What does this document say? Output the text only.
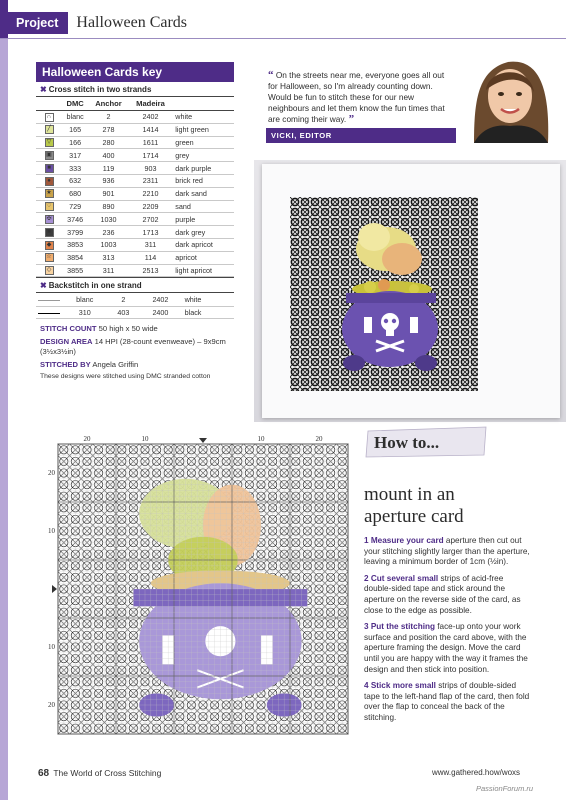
Project	Halloween Cards
Halloween Cards key
✖ Cross stitch in two strands
	DMC	Anchor	Madeira	
∩	blanc	2	2402	white
╱	165	278	1414	light green
▽	166	280	1611	green
▣	317	400	1714	grey
■	333	119	903	dark purple
●	632	936	2311	brick red
★	680	901	2210	dark sand
♡	729	890	2209	sand
✠	3746	1030	2702	purple
■	3799	236	1713	dark grey
◆	3853	1003	311	dark apricot
☆	3854	313	114	apricot
◇	3855	311	2513	light apricot
✖ Backstitch in one strand
	blanc	2	2402	white
	310	403	2400	black

STITCH COUNT 50 high x 50 wide

DESIGN AREA 14 HPI (28-count evenweave) – 9x9cm (3½x3½in)

STITCHED BY Angela Griffin

These designs were stitched using DMC stranded cotton
“ On the streets near me, everyone goes all out for Halloween, so I'm already counting down. Would be fun to stitch these for our new neighbours and let them know the fun times that are coming their way. ”
VICKI, EDITOR
20	10	10	20
20
10
10
20
How to...
mount in an
aperture card

1 Measure your card aperture then cut out your stitching slightly larger than the aperture, leaving a minimum border of 1cm (½in).

2 Cut several small strips of acid-free double-sided tape and stick around the aperture on the reverse side of the card, as close to the edge as possible.

3 Put the stitching face-up onto your work surface and position the card above, with the aperture framing the design. Move the card until you are happy with the way it frames the design and then stick into position.

4 Stick more small strips of double-sided tape to the left-hand flap of the card, then fold over the flap to conceal the back of the stitching.

68 The World of Cross Stitching	www.gathered.how/woxs
PassionForum.ru
